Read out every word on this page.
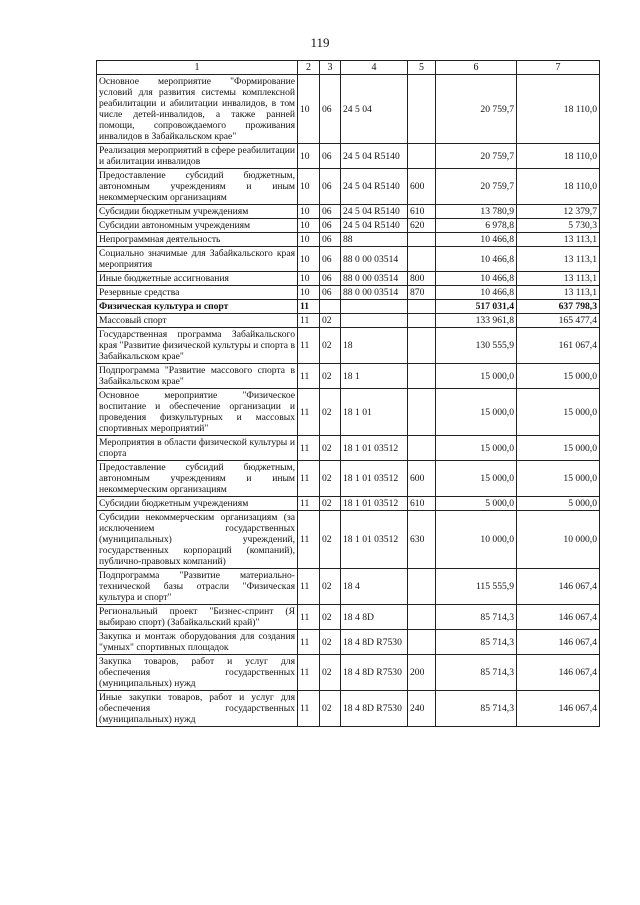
119
1	2	3	4	5	6	7
Основное мероприятие "Формирование условий для развития системы комплексной реабилитации и абилитации инвалидов, в том числе детей-инвалидов, а также ранней помощи, сопровождаемого проживания инвалидов в Забайкальском крае"	10	06	24 5 04		20 759,7	18 110,0
Реализация мероприятий в сфере реабилитации и абилитации инвалидов	10	06	24 5 04 R5140		20 759,7	18 110,0
Предоставление субсидий бюджетным, автономным учреждениям и иным некоммерческим организациям	10	06	24 5 04 R5140	600	20 759,7	18 110,0
Субсидии бюджетным учреждениям	10	06	24 5 04 R5140	610	13 780,9	12 379,7
Субсидии автономным учреждениям	10	06	24 5 04 R5140	620	6 978,8	5 730,3
Непрограммная деятельность	10	06	88		10 466,8	13 113,1
Социально значимые для Забайкальского края мероприятия	10	06	88 0 00 03514		10 466,8	13 113,1
Иные бюджетные ассигнования	10	06	88 0 00 03514	800	10 466,8	13 113,1
Резервные средства	10	06	88 0 00 03514	870	10 466,8	13 113,1
Физическая культура и спорт	11				517 031,4	637 798,3
Массовый спорт	11	02			133 961,8	165 477,4
Государственная программа Забайкальского края "Развитие физической культуры и спорта в Забайкальском крае"	11	02	18		130 555,9	161 067,4
Подпрограмма "Развитие массового спорта в Забайкальском крае"	11	02	18 1		15 000,0	15 000,0
Основное мероприятие "Физическое воспитание и обеспечение организации и проведения физкультурных и массовых спортивных мероприятий"	11	02	18 1 01		15 000,0	15 000,0
Мероприятия в области физической культуры и спорта	11	02	18 1 01 03512		15 000,0	15 000,0
Предоставление субсидий бюджетным, автономным учреждениям и иным некоммерческим организациям	11	02	18 1 01 03512	600	15 000,0	15 000,0
Субсидии бюджетным учреждениям	11	02	18 1 01 03512	610	5 000,0	5 000,0
Субсидии некоммерческим организациям (за исключением государственных (муниципальных) учреждений, государственных корпораций (компаний), публично-правовых компаний)	11	02	18 1 01 03512	630	10 000,0	10 000,0
Подпрограмма "Развитие материально-технической базы отрасли "Физическая культура и спорт"	11	02	18 4		115 555,9	146 067,4
Региональный проект "Бизнес-спринт (Я выбираю спорт) (Забайкальский край)"	11	02	18 4 8D		85 714,3	146 067,4
Закупка и монтаж оборудования для создания "умных" спортивных площадок	11	02	18 4 8D R7530		85 714,3	146 067,4
Закупка товаров, работ и услуг для обеспечения государственных (муниципальных) нужд	11	02	18 4 8D R7530	200	85 714,3	146 067,4
Иные закупки товаров, работ и услуг для обеспечения государственных (муниципальных) нужд	11	02	18 4 8D R7530	240	85 714,3	146 067,4
